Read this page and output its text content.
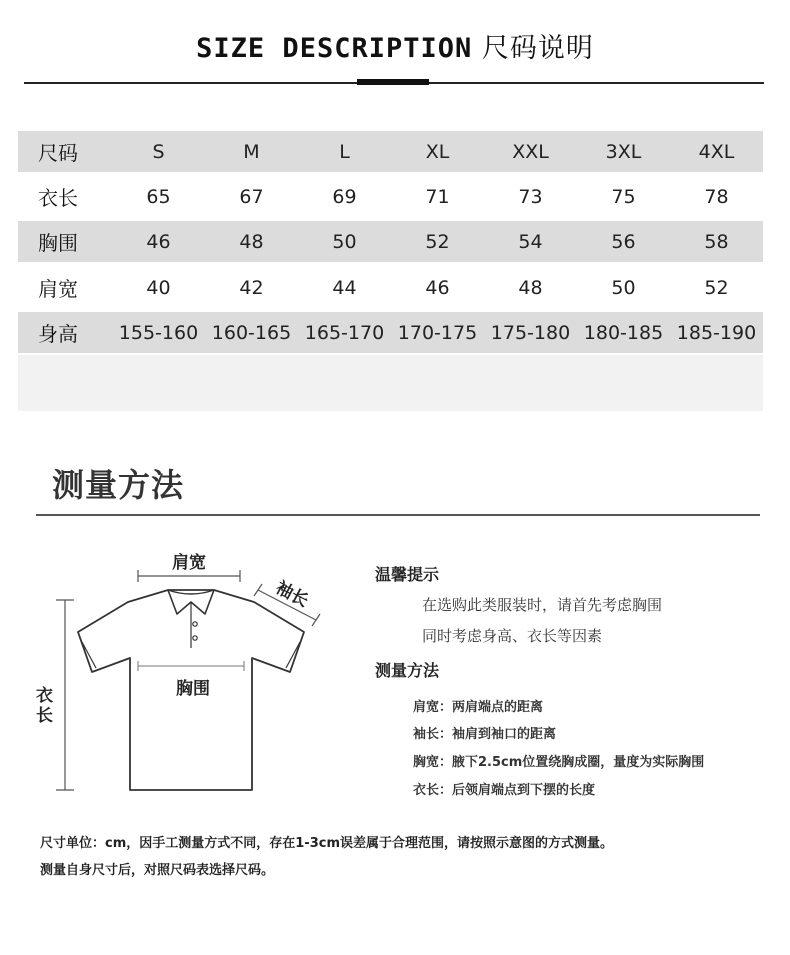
SIZE DESCRIPTION 尺码说明
尺码	S	M	L	XL	XXL	3XL	4XL
衣长	65	67	69	71	73	75	78
胸围	46	48	50	52	54	56	58
肩宽	40	42	44	46	48	50	52
身高	155-160 160-165 165-170 170-175 175-180 180-185 185-190
测量方法
肩宽
袖长
胸围
衣长
温馨提示
在选购此类服装时，请首先考虑胸围
同时考虑身高、衣长等因素
测量方法
肩宽：两肩端点的距离
袖长：袖肩到袖口的距离
胸宽：腋下2.5cm位置绕胸成圈，量度为实际胸围
衣长：后领肩端点到下摆的长度
尺寸单位：cm，因手工测量方式不同，存在1-3cm误差属于合理范围，请按照示意图的方式测量。
测量自身尺寸后，对照尺码表选择尺码。
